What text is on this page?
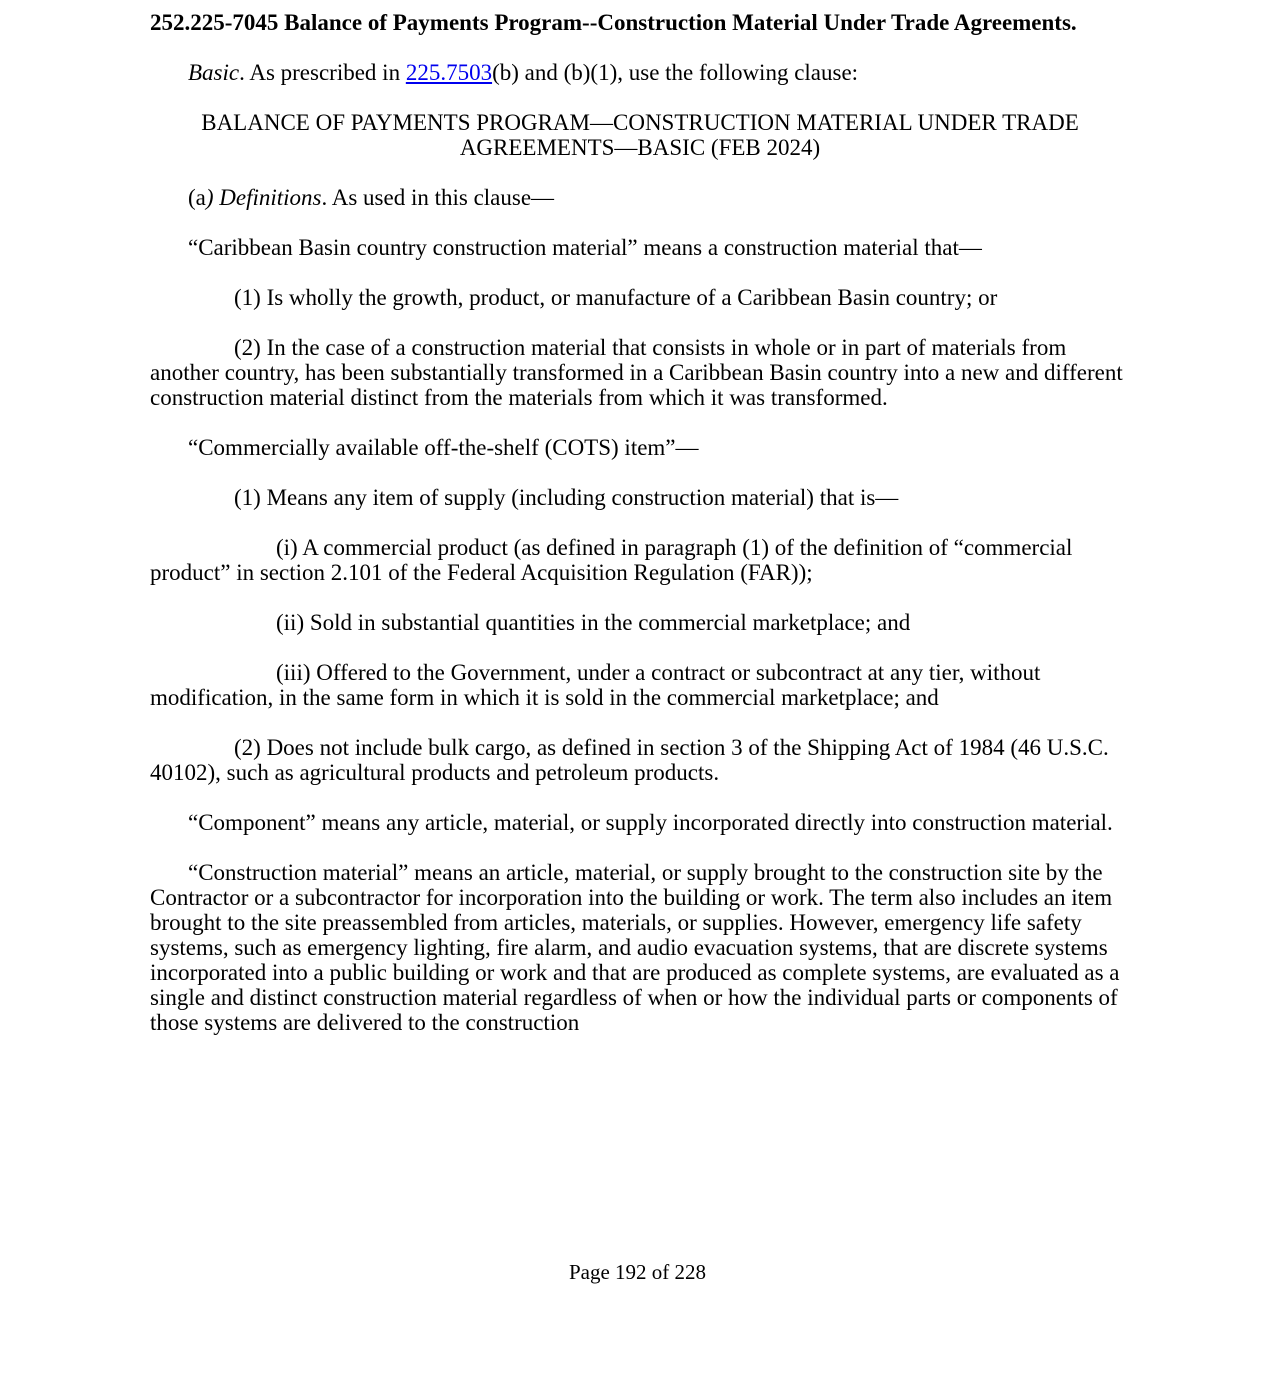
252.225-7045 Balance of Payments Program--Construction Material Under Trade Agreements.

Basic. As prescribed in 225.7503(b) and (b)(1), use the following clause:

BALANCE OF PAYMENTS PROGRAM—CONSTRUCTION MATERIAL UNDER TRADE AGREEMENTS—BASIC (FEB 2024)

(a) Definitions. As used in this clause—

“Caribbean Basin country construction material” means a construction material that—

(1) Is wholly the growth, product, or manufacture of a Caribbean Basin country; or

(2) In the case of a construction material that consists in whole or in part of materials from another country, has been substantially transformed in a Caribbean Basin country into a new and different construction material distinct from the materials from which it was transformed.

“Commercially available off-the-shelf (COTS) item”—

(1) Means any item of supply (including construction material) that is—

(i) A commercial product (as defined in paragraph (1) of the definition of “commercial product” in section 2.101 of the Federal Acquisition Regulation (FAR));

(ii) Sold in substantial quantities in the commercial marketplace; and

(iii) Offered to the Government, under a contract or subcontract at any tier, without modification, in the same form in which it is sold in the commercial marketplace; and

(2) Does not include bulk cargo, as defined in section 3 of the Shipping Act of 1984 (46 U.S.C. 40102), such as agricultural products and petroleum products.

“Component” means any article, material, or supply incorporated directly into construction material.

“Construction material” means an article, material, or supply brought to the construction site by the Contractor or a subcontractor for incorporation into the building or work. The term also includes an item brought to the site preassembled from articles, materials, or supplies. However, emergency life safety systems, such as emergency lighting, fire alarm, and audio evacuation systems, that are discrete systems incorporated into a public building or work and that are produced as complete systems, are evaluated as a single and distinct construction material regardless of when or how the individual parts or components of those systems are delivered to the construction

Page 192 of 228
